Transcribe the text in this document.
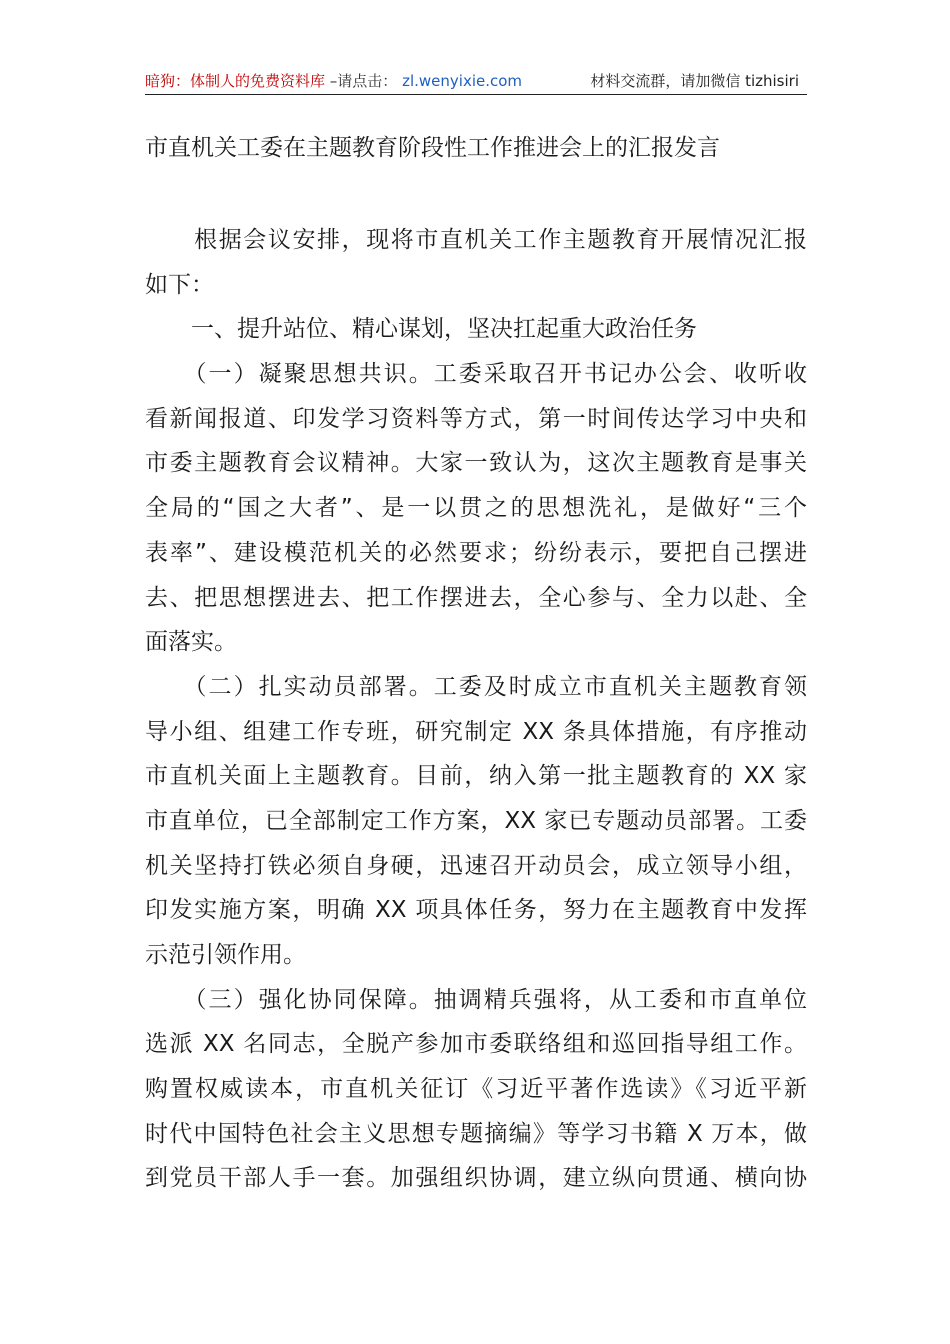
暗狗：体制人的免费资料库 –请点击： zl.wenyixie.com	材料交流群，请加微信 tizhisiri
市直机关工委在主题教育阶段性工作推进会上的汇报发言
　　根据会议安排，现将市直机关工作主题教育开展情况汇报
如下：
　　一、提升站位、精心谋划，坚决扛起重大政治任务
　　（一）凝聚思想共识。工委采取召开书记办公会、收听收
看新闻报道、印发学习资料等方式，第一时间传达学习中央和
市委主题教育会议精神。大家一致认为，这次主题教育是事关
全局的“国之大者”、是一以贯之的思想洗礼，是做好“三个
表率”、建设模范机关的必然要求；纷纷表示，要把自己摆进
去、把思想摆进去、把工作摆进去，全心参与、全力以赴、全
面落实。
　　（二）扎实动员部署。工委及时成立市直机关主题教育领
导小组、组建工作专班，研究制定 XX 条具体措施，有序推动
市直机关面上主题教育。目前，纳入第一批主题教育的 XX 家
市直单位，已全部制定工作方案，XX 家已专题动员部署。工委
机关坚持打铁必须自身硬，迅速召开动员会，成立领导小组，
印发实施方案，明确 XX 项具体任务，努力在主题教育中发挥
示范引领作用。
　　（三）强化协同保障。抽调精兵强将，从工委和市直单位
选派 XX 名同志，全脱产参加市委联络组和巡回指导组工作。
购置权威读本，市直机关征订《习近平著作选读》《习近平新
时代中国特色社会主义思想专题摘编》等学习书籍 X 万本，做
到党员干部人手一套。加强组织协调，建立纵向贯通、横向协
